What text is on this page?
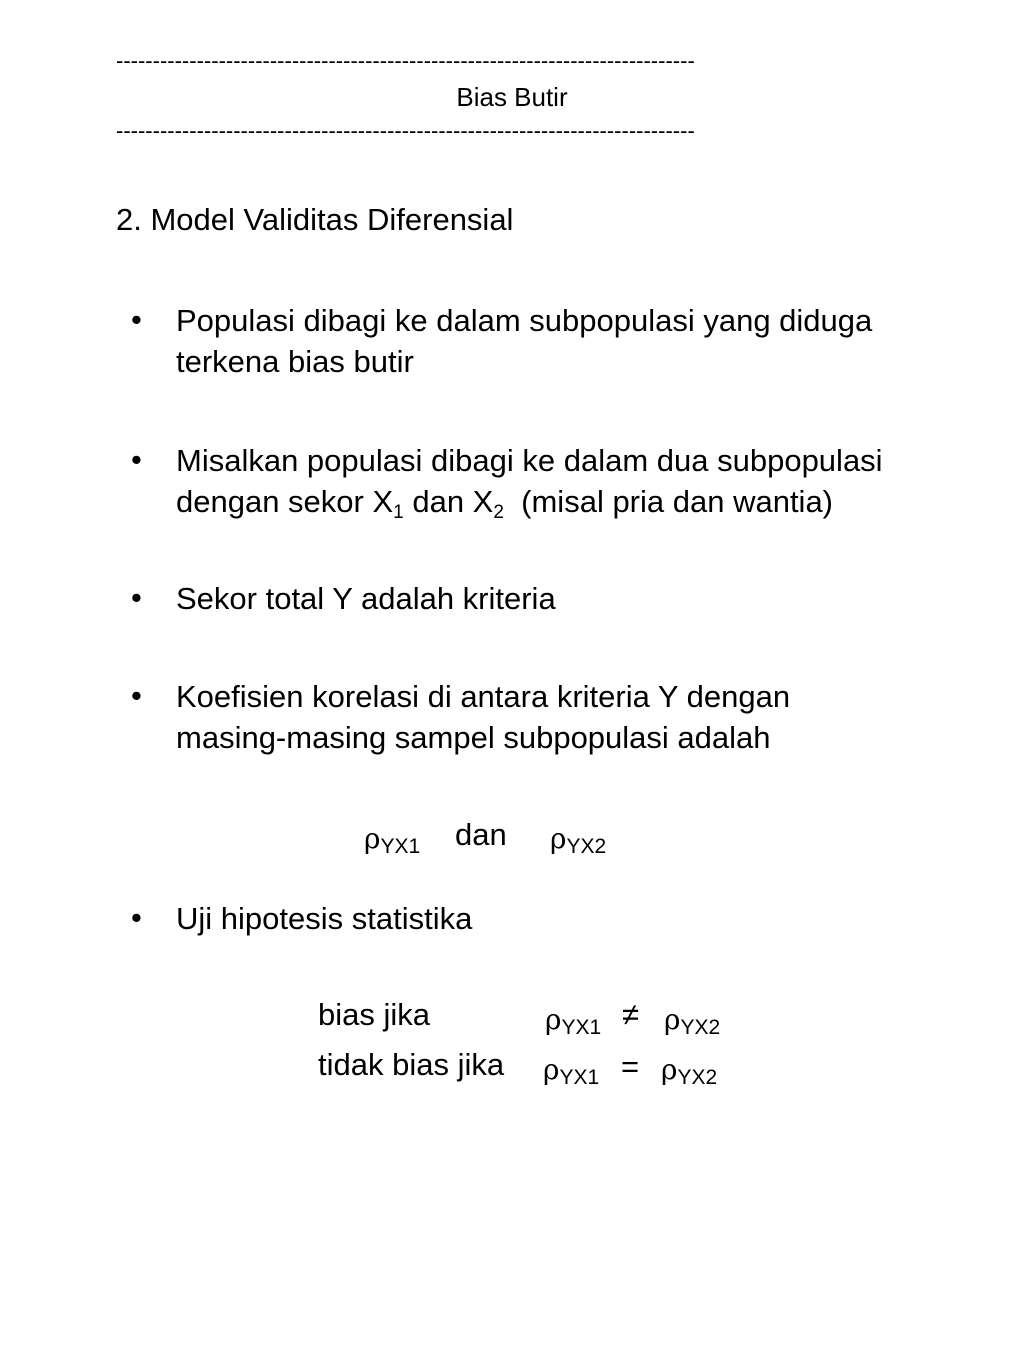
-------------------------------------------------------------------------------
Bias Butir
-------------------------------------------------------------------------------
2. Model Validitas Diferensial
• Populasi dibagi ke dalam subpopulasi yang diduga
terkena bias butir
• Misalkan populasi dibagi ke dalam dua subpopulasi
dengan sekor $X_1$ dan $X_2$  (misal pria dan wantia)
• Sekor total Y adalah kriteria
• Koefisien korelasi di antara kriteria Y dengan
masing-masing sampel subpopulasi adalah
ρYX1 dan ρYX2
• Uji hipotesis statistika
bias jika	ρYX1 ≠ ρYX2
tidak bias jika ρYX1 = ρYX2
